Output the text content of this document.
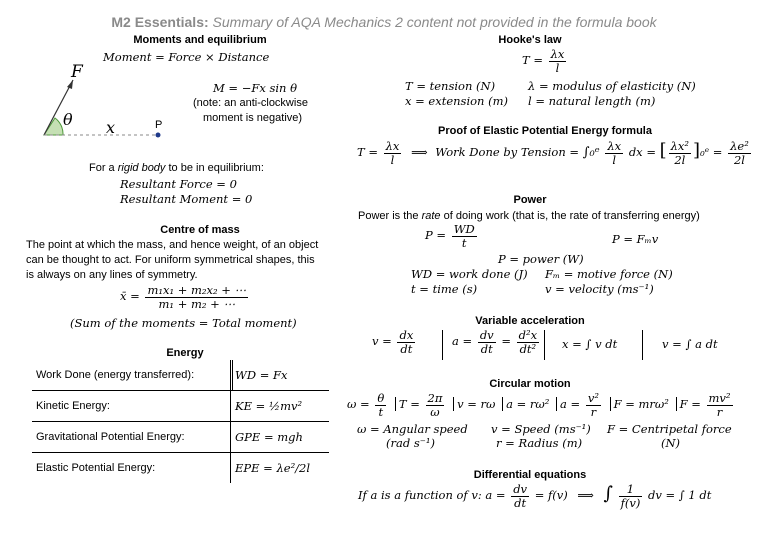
M2 Essentials: Summary of AQA Mechanics 2 content not provided in the formula book
Moments and equilibrium
Moment = Force × Distance
F
θ x	P
M = −Fx sin θ
(note: an anti-clockwise
moment is negative)
For a rigid body to be in equilibrium:
Resultant Force = 0
Resultant Moment = 0
Centre of mass
The point at which the mass, and hence weight, of an object
can be thought to act. For uniform symmetrical shapes, this
is always on any lines of symmetry.
x̄ = $\frac{\text{m₁x₁ + m₂x₂ + ⋯}}{\text{m₁ + m₂ + ⋯}}$
(Sum of the moments = Total moment)
Energy
Work Done (energy transferred):	WD = Fx
Kinetic Energy:	KE = ½mv²
Gravitational Potential Energy:	GPE = mgh
Elastic Potential Energy:	EPE = λe²/2l
Hooke's law
$T = \frac{\lambda x}{l}$
T = tension (N)	λ = modulus of elasticity (N)
x = extension (m) l = natural length (m)
Proof of Elastic Potential Energy formula
$T = \frac{\lambda x}{l}$ ⟹ Work Done by Tension = ∫₀ᵉ $\frac{\lambda x}{l}$ dx = [ $\frac{\text{λx²}}{2l}$ ]₀ᵉ = $\frac{\text{λe²}}{2l}$
Power
Power is the rate of doing work (that is, the rate of transferring energy)
$P = \frac{WD}{t}$	P = Fₘv
P = power (W)
WD = work done (J) Fₘ = motive force (N)
t = time (s)	v = velocity (ms⁻¹)
Variable acceleration
$v = \frac{dx}{dt}$	$a = \frac{dv}{dt} = \frac{\text{d²x}}{\text{dt²}}$ x = ∫ v dt	v = ∫ a dt
Circular motion
$\omega = \frac{\theta}{t}$ $T = \frac{2\pi}{\omega}$ v = rω a = rω² $a = \frac{\text{v²}}{r}$ F = mrω² $F = \frac{\text{mv²}}{r}$
ω = Angular speed
(rad s⁻¹)
v = Speed (ms⁻¹)
r = Radius (m)
F = Centripetal force
(N)
Differential equations
If a is a function of v: $a = \frac{dv}{dt} = f(v)$ ⟹ ∫ $\frac{1}{f(v)}$ dv = ∫ 1 dt
